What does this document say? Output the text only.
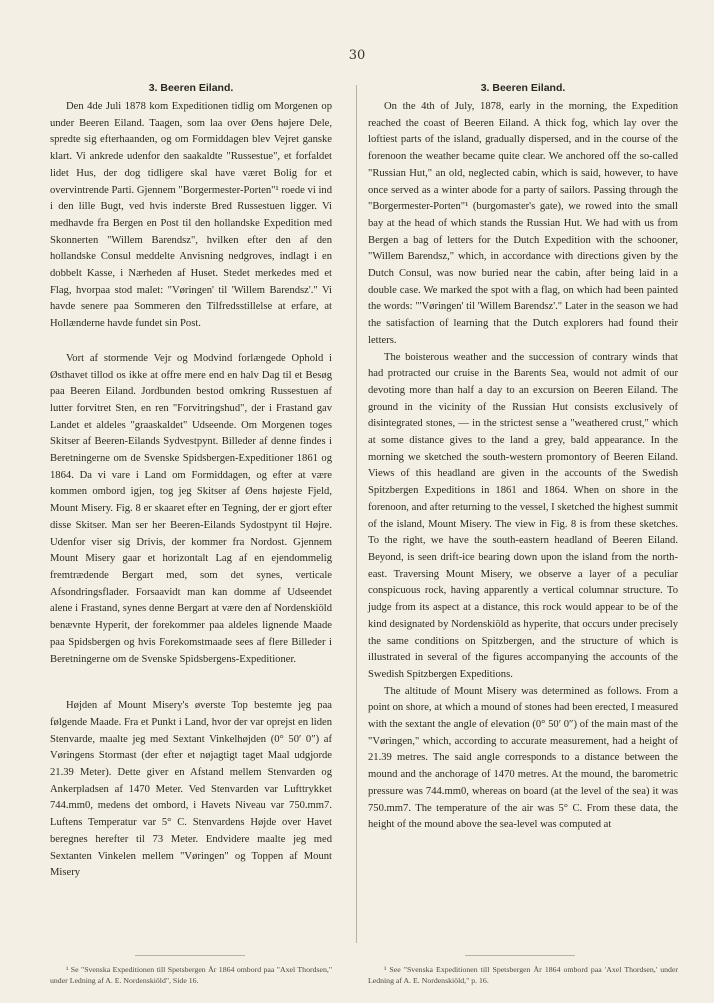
30
3. Beeren Eiland.

Den 4de Juli 1878 kom Expeditionen tidlig om Morgenen op under Beeren Eiland. Taagen, som laa over Øens højere Dele, spredte sig efterhaanden, og om Formiddagen blev Vejret ganske klart. Vi ankrede udenfor den saakaldte "Russestue", et forfaldet lidet Hus, der dog tidligere skal have været Bolig for et overvintrende Parti. Gjennem "Borgermester-Porten"¹ roede vi ind i den lille Bugt, ved hvis inderste Bred Russestuen ligger. Vi medhavde fra Bergen en Post til den hollandske Expedition med Skonnerten "Willem Barendsz", hvilken efter den af den hollandske Consul meddelte Anvisning nedgroves, indlagt i en dobbelt Kasse, i Nærheden af Huset. Stedet merkedes med et Flag, hvorpaa stod malet: "Vøringen' til 'Willem Barendsz'." Vi havde senere paa Sommeren den Tilfredsstillelse at erfare, at Hollænderne havde fundet sin Post.

Vort af stormende Vejr og Modvind forlængede Ophold i Østhavet tillod os ikke at offre mere end en halv Dag til et Besøg paa Beeren Eiland. Jordbunden bestod omkring Russestuen af lutter forvitret Sten, en ren "Forvitringshud", der i Frastand gav Landet et aldeles "graaskaldet" Udseende. Om Morgenen toges Skitser af Beeren-Eilands Sydvestpynt. Billeder af denne findes i Beretningerne om de Svenske Spidsbergen-Expeditioner 1861 og 1864. Da vi vare i Land om Formiddagen, og efter at være kommen ombord igjen, tog jeg Skitser af Øens højeste Fjeld, Mount Misery. Fig. 8 er skaaret efter en Tegning, der er gjort efter disse Skitser. Man ser her Beeren-Eilands Sydostpynt til Højre. Udenfor viser sig Drivis, der kommer fra Nordost. Gjennem Mount Misery gaar et horizontalt Lag af en ejendommelig fremtrædende Bergart med, som det synes, verticale Afsondringsflader. Forsaavidt man kan domme af Udseendet alene i Frastand, synes denne Bergart at være den af Nordenskiöld benævnte Hyperit, der forekommer paa aldeles lignende Maade paa Spidsbergen og hvis Forekomstmaade sees af flere Billeder i Beretningerne om de Svenske Spidsbergens-Expeditioner.

Højden af Mount Misery's øverste Top bestemte jeg paa følgende Maade. Fra et Punkt i Land, hvor der var oprejst en liden Stenvarde, maalte jeg med Sextant Vinkelhøjden (0° 50′ 0″) af Vøringens Stormast (der efter et nøjagtigt taget Maal udgjorde 21.39 Meter). Dette giver en Afstand mellem Stenvarden og Ankerpladsen af 1470 Meter. Ved Stenvarden var Lufttrykket 744.mm0, medens det ombord, i Havets Niveau var 750.mm7. Luftens Temperatur var 5° C. Stenvardens Højde over Havet beregnes herefter til 73 Meter. Endvidere maalte jeg med Sextanten Vinkelen mellem "Vøringen" og Toppen af Mount Misery

3. Beeren Eiland.

On the 4th of July, 1878, early in the morning, the Expedition reached the coast of Beeren Eiland. A thick fog, which lay over the loftiest parts of the island, gradually dispersed, and in the course of the forenoon the weather became quite clear. We anchored off the so-called "Russian Hut," an old, neglected cabin, which is said, however, to have once served as a winter abode for a party of sailors. Passing through the "Borgermester-Porten"¹ (burgomaster's gate), we rowed into the small bay at the head of which stands the Russian Hut. We had with us from Bergen a bag of letters for the Dutch Expedition with the schooner, "Willem Barendsz," which, in accordance with directions given by the Dutch Consul, was now buried near the cabin, after being laid in a double case. We marked the spot with a flag, on which had been painted the words: "'Vøringen' til 'Willem Barendsz'." Later in the season we had the satisfaction of learning that the Dutch explorers had found their letters.

The boisterous weather and the succession of contrary winds that had protracted our cruise in the Barents Sea, would not admit of our devoting more than half a day to an excursion on Beeren Eiland. The ground in the vicinity of the Russian Hut consists exclusively of disintegrated stones, — in the strictest sense a "weathered crust," which at some distance gives to the land a grey, bald appearance. In the morning we sketched the south-western promontory of Beeren Eiland. Views of this headland are given in the accounts of the Swedish Spitzbergen Expeditions in 1861 and 1864. When on shore in the forenoon, and after returning to the vessel, I sketched the highest summit of the island, Mount Misery. The view in Fig. 8 is from these sketches. To the right, we have the south-eastern headland of Beeren Eiland. Beyond, is seen drift-ice bearing down upon the island from the north-east. Traversing Mount Misery, we observe a layer of a peculiar conspicuous rock, having apparently a vertical columnar structure. To judge from its aspect at a distance, this rock would appear to be of the kind designated by Nordenskiöld as hyperite, that occurs under precisely the same conditions on Spitzbergen, and the structure of which is illustrated in several of the figures accompanying the accounts of the Swedish Spitzbergen Expeditions.

The altitude of Mount Misery was determined as follows. From a point on shore, at which a mound of stones had been erected, I measured with the sextant the angle of elevation (0° 50′ 0″) of the main mast of the "Vøringen," which, according to accurate measurement, had a height of 21.39 metres. The said angle corresponds to a distance between the mound and the anchorage of 1470 metres. At the mound, the barometric pressure was 744.mm0, whereas on board (at the level of the sea) it was 750.mm7. The temperature of the air was 5° C. From these data, the height of the mound above the sea-level was computed at

¹ Se "Svenska Expeditionen till Spetsbergen År 1864 ombord paa "Axel Thordsen," under Ledning af A. E. Nordenskiöld", Side 16.

¹ See "Svenska Expeditionen till Spetsbergen År 1864 ombord paa 'Axel Thordsen,' under Ledning af A. E. Nordenskiöld," p. 16.
